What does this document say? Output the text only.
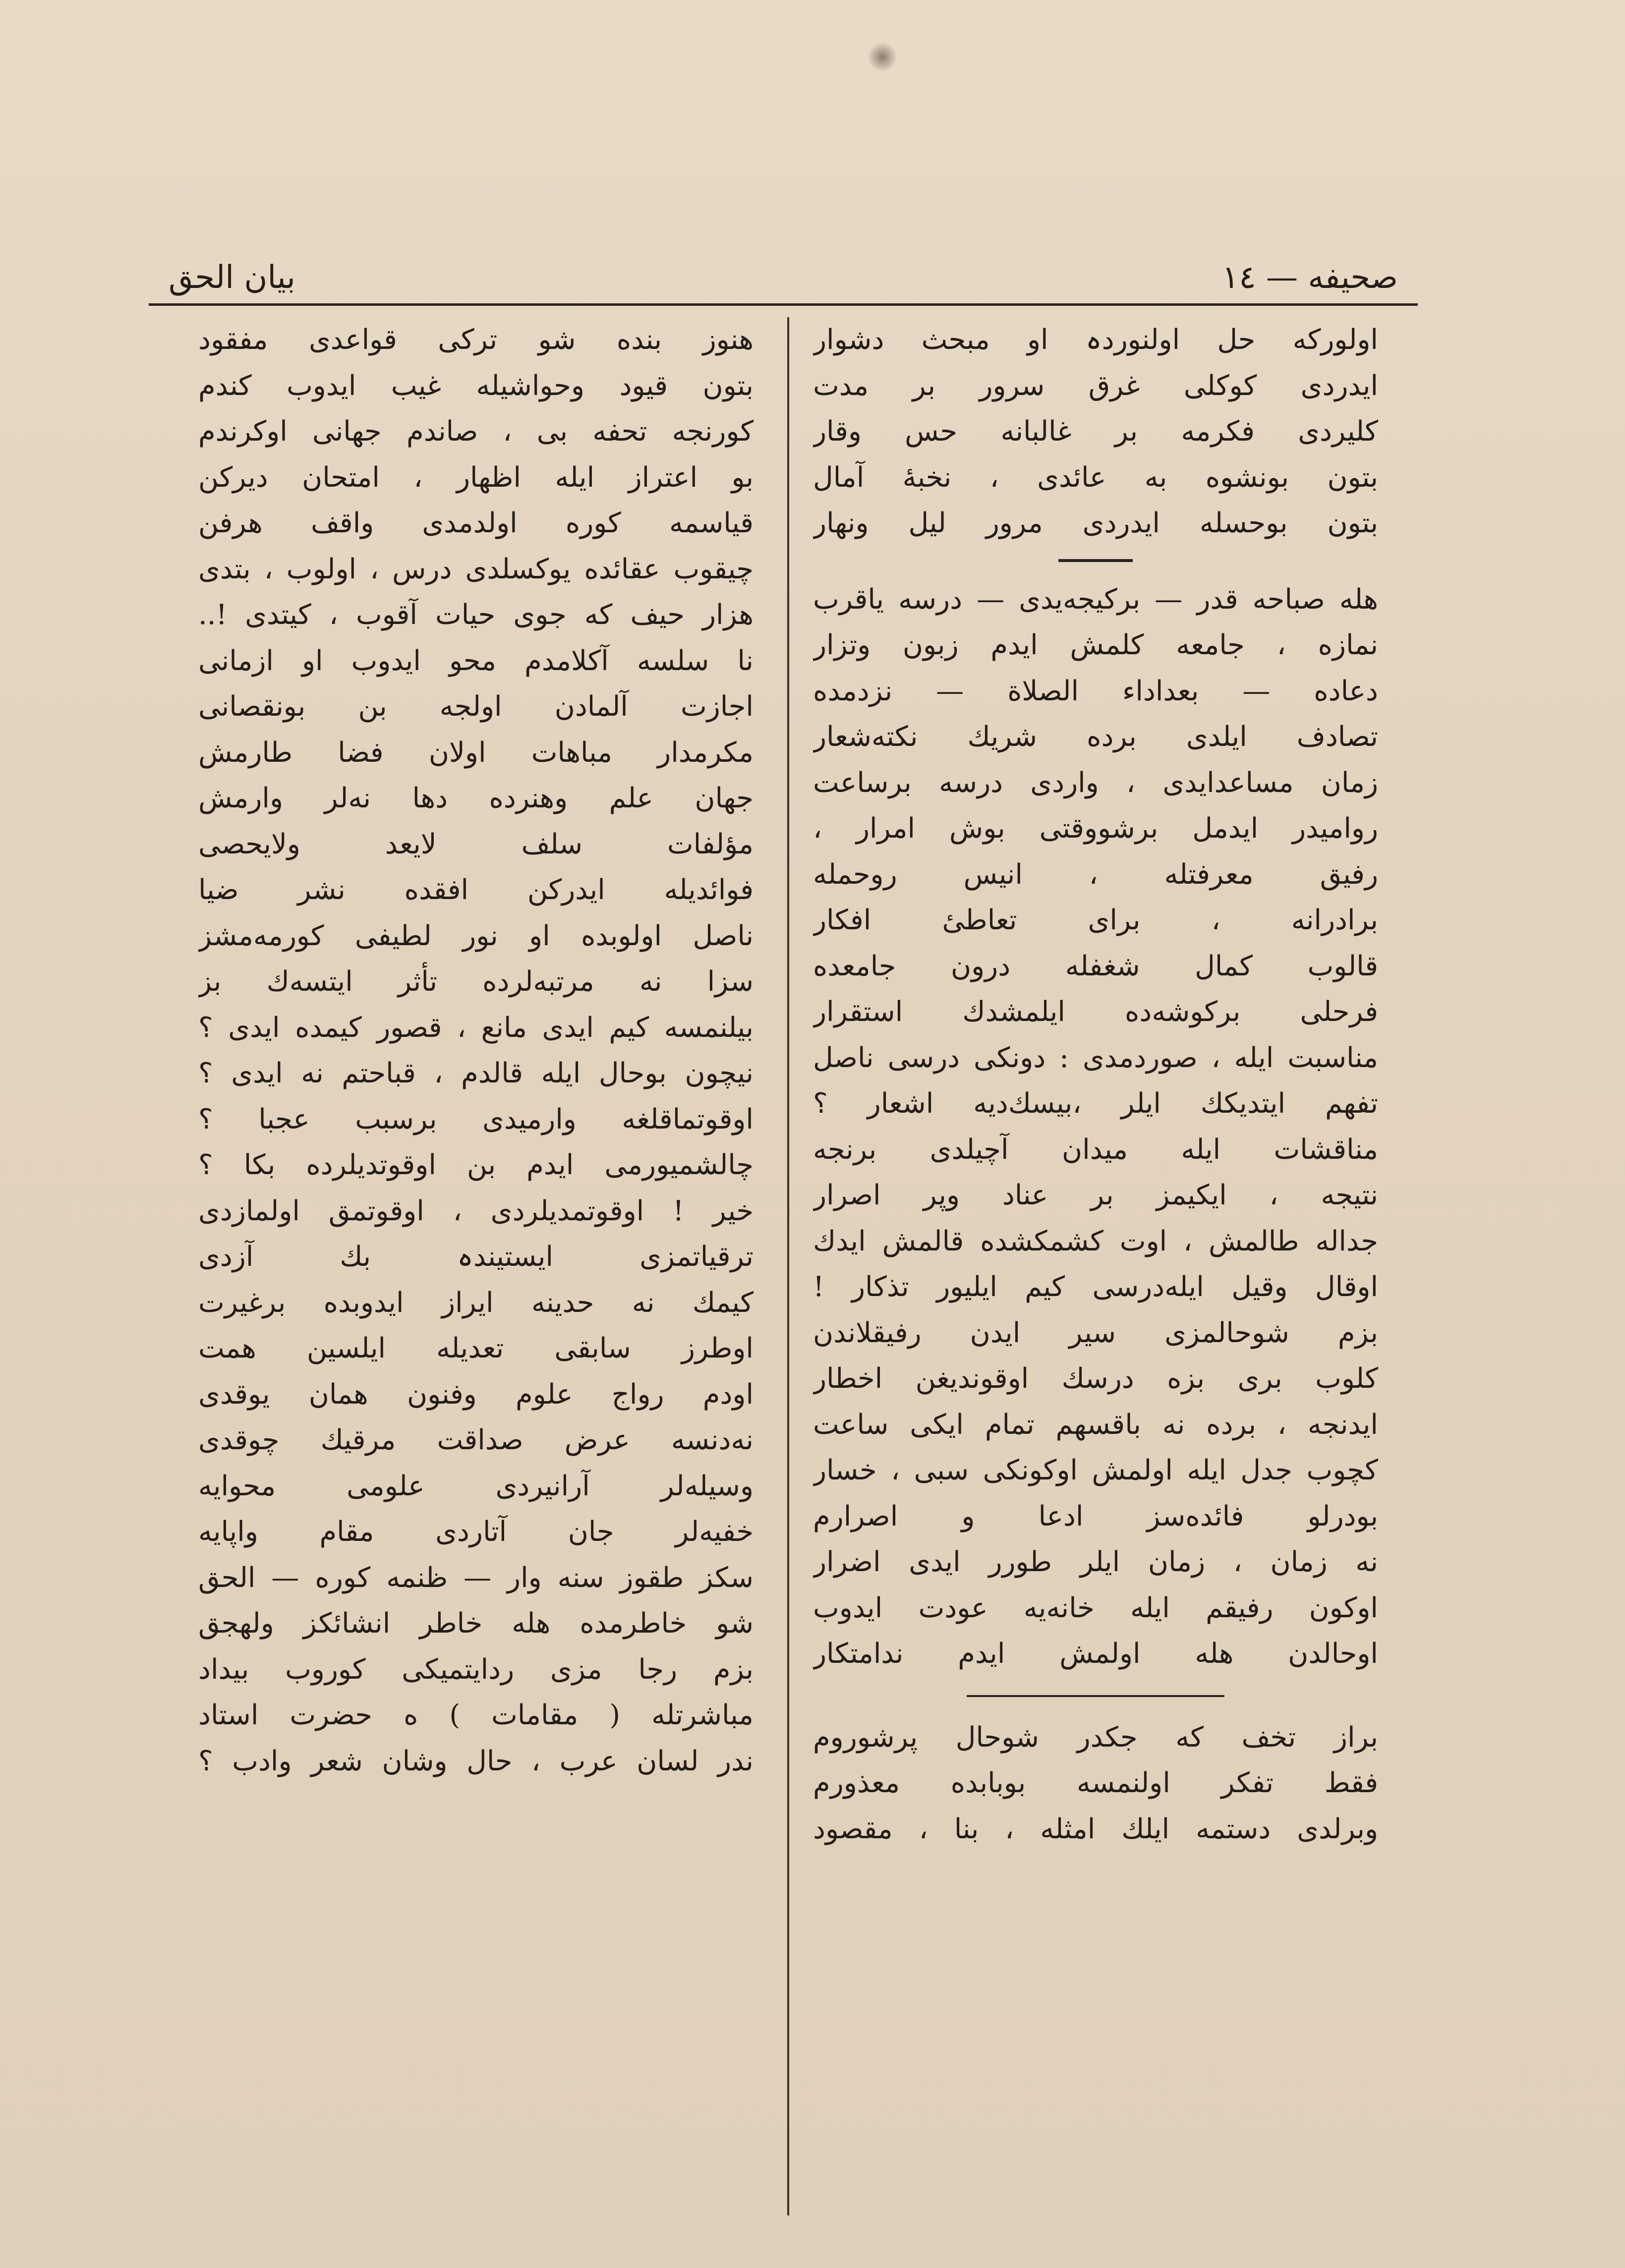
بيان الحق	صحيفه — ١٤
اولورکه حل اولنوردہ او مبحث دشوار
ایدردی کوکلی غرق سرور بر مدت
کلیردی فکرمه بر غالبانه حس وقار
بتون بونشوه به عائدی ، نخبهٔ آمال
بتون بوحسله ایدردی مرور لیل ونهار
هله صباحه قدر — برکیجه‌یدی — درسه یاقرب
نمازه ، جامعه کلمش ایدم زبون وتزار
دعاده — بعداداء الصلاة — نزدمده
تصادف ایلدی برده شریك نکته‌شعار
زمان مساعدایدی ، واردی درسه برساعت
روامیدر ایدمل برشووقتی بوش امرار ،
رفیق معرفتله ، انیس روحمله
برادرانه ، برای تعاطیٔ افکار
قالوب کمال شغفله درون جامعده
فرحلی برکوشه‌ده ایلمشدك استقرار
مناسبت ایله ، صوردمدی : دونکی درسی ناصل
تفهم ایتدیکك ایلر ،بیسك‌دیه اشعار ؟
مناقشات ایله میدان آچیلدی برنجه
نتیجه ، ایکیمز بر عناد وپر اصرار
جداله طالمش ، اوت کشمکشده قالمش ایدك
اوقال وقیل ایله‌درسی کیم ایلیور تذکار !
بزم شوحالمزی سیر ایدن رفیقلاندن
کلوب بری بزه درسك اوقوندیغن اخطار
ایدنجه ، برده نه باقسهم تمام ایکی ساعت
کچوب جدل ایله اولمش اوکونکی سبی ، خسار
بودرلو فائده‌سز ادعا و اصرارم
نه زمان ، زمان ایلر طورر ایدی اضرار
اوکون رفیقم ایله خانه‌یه عودت ایدوب
اوحالدن هله اولمش ایدم ندامتکار
براز تخف که جکدر شوحال پرشوروم
فقط تفکر اولنمسه بوبابده معذورم
وبرلدی دستمه ایلك امثله ، بنا ، مقصود
هنوز بنده شو ترکی قواعدی مفقود
بتون قیود وحواشیله غیب ایدوب کندم
کورنجه تحفه بی ، صاندم جهانی اوکرندم
بو اعتراز ایله اظهار ، امتحان دیرکن
قیاسمه کوره اولدمدی واقف هرفن
چیقوب عقائده یوکسلدی درس ، اولوب ، بتدی
هزار حیف که جوی حیات آقوب ، کیتدی !..
نا سلسه آکلامدم محو ایدوب او ازمانی
اجازت آلمادن اولجه بن بونقصانی
مکرمدار مباهات اولان فضا طارمش
جهان علم وهنرده دها نه‌لر وارمش
مؤلفات سلف لایعد ولایحصی
فوائدیله ایدرکن افقده نشر ضیا
ناصل اولوبده او نور لطیفی کورمه‌مشز
سزا نه مرتبه‌لرده تأثر ایتسه‌ك بز
بیلنمسه کیم ایدی مانع ، قصور کیمده ایدی ؟
نیچون بوحال ایله قالدم ، قباحتم نه ایدی ؟
اوقوتماقلغه وارمیدی برسبب عجبا ؟
چالشمیورمی ایدم بن اوقوتدیلرده بکا ؟
خیر ! اوقوتمدیلردی ، اوقوتمق اولمازدی
ترقیاتمزی ایستیندہ بك آزدی
کیمك نه حدینه ایراز ایدوبده برغیرت
اوطرز سابقی تعدیله ایلسین همت
اودم رواج علوم وفنون همان یوقدی
نه‌دنسه عرض صداقت مرقیك چوقدی
وسیله‌لر آرانیردی علومی محوایه
خفیه‌لر جان آتاردی مقام واپایه
سکز طقوز سنه وار — ظنمه کوره — الحق
شو خاطرمده هله خاطر انشائکز ولهجق
بزم رجا مزی ردایتمیکی کوروب بیداد
مباشرتله ( مقامات ) ه حضرت استاد
ندر لسان عرب ، حال وشان شعر وادب ؟
